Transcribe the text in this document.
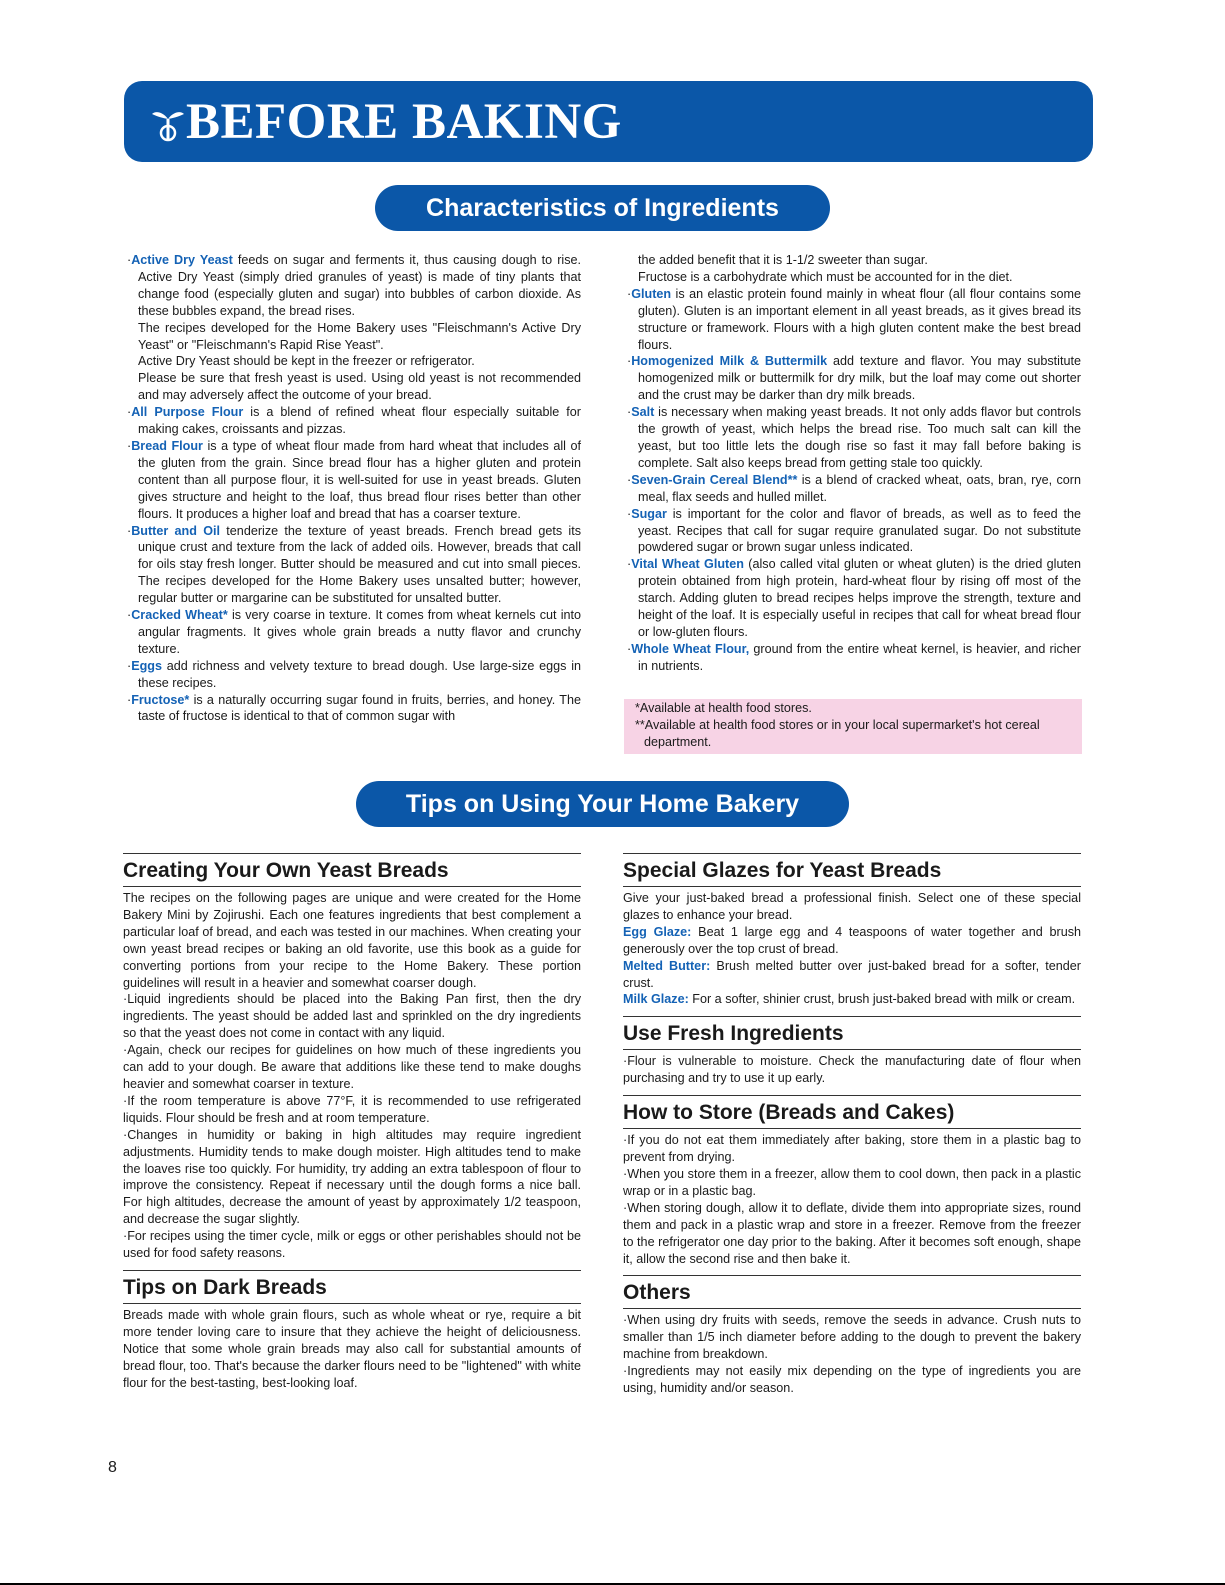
BEFORE BAKING
Characteristics of Ingredients

·Active Dry Yeast feeds on sugar and ferments it, thus causing dough to rise. Active Dry Yeast (simply dried granules of yeast) is made of tiny plants that change food (especially gluten and sugar) into bubbles of carbon dioxide. As these bubbles expand, the bread rises.

The recipes developed for the Home Bakery uses "Fleischmann's Active Dry Yeast" or "Fleischmann's Rapid Rise Yeast".

Active Dry Yeast should be kept in the freezer or refrigerator.

Please be sure that fresh yeast is used. Using old yeast is not recommended and may adversely affect the outcome of your bread.

·All Purpose Flour is a blend of refined wheat flour especially suitable for making cakes, croissants and pizzas.

·Bread Flour is a type of wheat flour made from hard wheat that includes all of the gluten from the grain. Since bread flour has a higher gluten and protein content than all purpose flour, it is well-suited for use in yeast breads. Gluten gives structure and height to the loaf, thus bread flour rises better than other flours. It produces a higher loaf and bread that has a coarser texture.

·Butter and Oil tenderize the texture of yeast breads. French bread gets its unique crust and texture from the lack of added oils. However, breads that call for oils stay fresh longer. Butter should be measured and cut into small pieces. The recipes developed for the Home Bakery uses unsalted butter; however, regular butter or margarine can be substituted for unsalted butter.

·Cracked Wheat* is very coarse in texture. It comes from wheat kernels cut into angular fragments. It gives whole grain breads a nutty flavor and crunchy texture.

·Eggs add richness and velvety texture to bread dough. Use large-size eggs in these recipes.

·Fructose* is a naturally occurring sugar found in fruits, berries, and honey. The taste of fructose is identical to that of common sugar with

the added benefit that it is 1-1/2 sweeter than sugar.

Fructose is a carbohydrate which must be accounted for in the diet.

·Gluten is an elastic protein found mainly in wheat flour (all flour contains some gluten). Gluten is an important element in all yeast breads, as it gives bread its structure or framework. Flours with a high gluten content make the best bread flours.

·Homogenized Milk & Buttermilk add texture and flavor. You may substitute homogenized milk or buttermilk for dry milk, but the loaf may come out shorter and the crust may be darker than dry milk breads.

·Salt is necessary when making yeast breads. It not only adds flavor but controls the growth of yeast, which helps the bread rise. Too much salt can kill the yeast, but too little lets the dough rise so fast it may fall before baking is complete. Salt also keeps bread from getting stale too quickly.

·Seven-Grain Cereal Blend** is a blend of cracked wheat, oats, bran, rye, corn meal, flax seeds and hulled millet.

·Sugar is important for the color and flavor of breads, as well as to feed the yeast. Recipes that call for sugar require granulated sugar. Do not substitute powdered sugar or brown sugar unless indicated.

·Vital Wheat Gluten (also called vital gluten or wheat gluten) is the dried gluten protein obtained from high protein, hard-wheat flour by rising off most of the starch. Adding gluten to bread recipes helps improve the strength, texture and height of the loaf. It is especially useful in recipes that call for wheat bread flour or low-gluten flours.

·Whole Wheat Flour, ground from the entire wheat kernel, is heavier, and richer in nutrients.

*Available at health food stores.

**Available at health food stores or in your local supermarket's hot cereal department.

Tips on Using Your Home Bakery
Creating Your Own Yeast Breads

The recipes on the following pages are unique and were created for the Home Bakery Mini by Zojirushi. Each one features ingredients that best complement a particular loaf of bread, and each was tested in our machines. When creating your own yeast bread recipes or baking an old favorite, use this book as a guide for converting portions from your recipe to the Home Bakery. These portion guidelines will result in a heavier and somewhat coarser dough.

·Liquid ingredients should be placed into the Baking Pan first, then the dry ingredients. The yeast should be added last and sprinkled on the dry ingredients so that the yeast does not come in contact with any liquid.

·Again, check our recipes for guidelines on how much of these ingredients you can add to your dough. Be aware that additions like these tend to make doughs heavier and somewhat coarser in texture.

·If the room temperature is above 77°F, it is recommended to use refrigerated liquids. Flour should be fresh and at room temperature.

·Changes in humidity or baking in high altitudes may require ingredient adjustments. Humidity tends to make dough moister. High altitudes tend to make the loaves rise too quickly. For humidity, try adding an extra tablespoon of flour to improve the consistency. Repeat if necessary until the dough forms a nice ball. For high altitudes, decrease the amount of yeast by approximately 1/2 teaspoon, and decrease the sugar slightly.

·For recipes using the timer cycle, milk or eggs or other perishables should not be used for food safety reasons.

Tips on Dark Breads

Breads made with whole grain flours, such as whole wheat or rye, require a bit more tender loving care to insure that they achieve the height of deliciousness. Notice that some whole grain breads may also call for substantial amounts of bread flour, too. That's because the darker flours need to be "lightened" with white flour for the best-tasting, best-looking loaf.

Special Glazes for Yeast Breads

Give your just-baked bread a professional finish. Select one of these special glazes to enhance your bread.

Egg Glaze: Beat 1 large egg and 4 teaspoons of water together and brush generously over the top crust of bread.

Melted Butter: Brush melted butter over just-baked bread for a softer, tender crust.

Milk Glaze: For a softer, shinier crust, brush just-baked bread with milk or cream.

Use Fresh Ingredients

·Flour is vulnerable to moisture. Check the manufacturing date of flour when purchasing and try to use it up early.

How to Store (Breads and Cakes)

·If you do not eat them immediately after baking, store them in a plastic bag to prevent from drying.

·When you store them in a freezer, allow them to cool down, then pack in a plastic wrap or in a plastic bag.

·When storing dough, allow it to deflate, divide them into appropriate sizes, round them and pack in a plastic wrap and store in a freezer. Remove from the freezer to the refrigerator one day prior to the baking. After it becomes soft enough, shape it, allow the second rise and then bake it.

Others

·When using dry fruits with seeds, remove the seeds in advance. Crush nuts to smaller than 1/5 inch diameter before adding to the dough to prevent the bakery machine from breakdown.

·Ingredients may not easily mix depending on the type of ingredients you are using, humidity and/or season.

8
